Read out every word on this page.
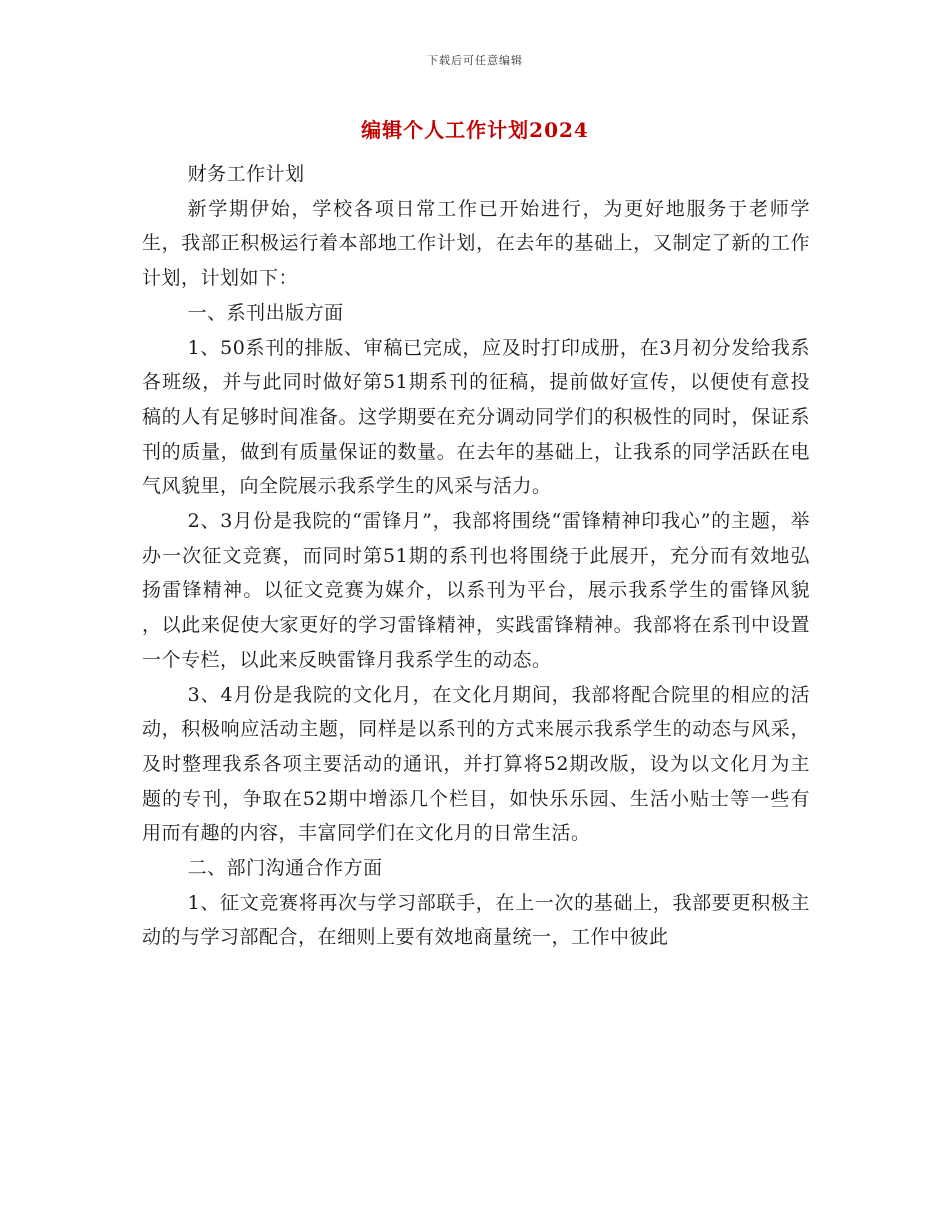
下载后可任意编辑
编辑个人工作计划2024

财务工作计划

新学期伊始，学校各项日常工作已开始进行，为更好地服务于老师学生，我部正积极运行着本部地工作计划，在去年的基础上，又制定了新的工作计划，计划如下：

一、系刊出版方面

1、50系刊的排版、审稿已完成，应及时打印成册，在3月初分发给我系各班级，并与此同时做好第51期系刊的征稿，提前做好宣传，以便使有意投稿的人有足够时间准备。这学期要在充分调动同学们的积极性的同时，保证系刊的质量，做到有质量保证的数量。在去年的基础上，让我系的同学活跃在电气风貌里，向全院展示我系学生的风采与活力。

2、3月份是我院的“雷锋月”，我部将围绕“雷锋精神印我心”的主题，举办一次征文竞赛，而同时第51期的系刊也将围绕于此展开，充分而有效地弘扬雷锋精神。以征文竞赛为媒介，以系刊为平台，展示我系学生的雷锋风貌 ，以此来促使大家更好的学习雷锋精神，实践雷锋精神。我部将在系刊中设置一个专栏，以此来反映雷锋月我系学生的动态。

3、4月份是我院的文化月，在文化月期间，我部将配合院里的相应的活动，积极响应活动主题，同样是以系刊的方式来展示我系学生的动态与风采，及时整理我系各项主要活动的通讯，并打算将52期改版，设为以文化月为主题的专刊，争取在52期中增添几个栏目，如快乐乐园、生活小贴士等一些有用而有趣的内容，丰富同学们在文化月的日常生活。

二、部门沟通合作方面

1、征文竞赛将再次与学习部联手，在上一次的基础上，我部要更积极主动的与学习部配合，在细则上要有效地商量统一，工作中彼此
